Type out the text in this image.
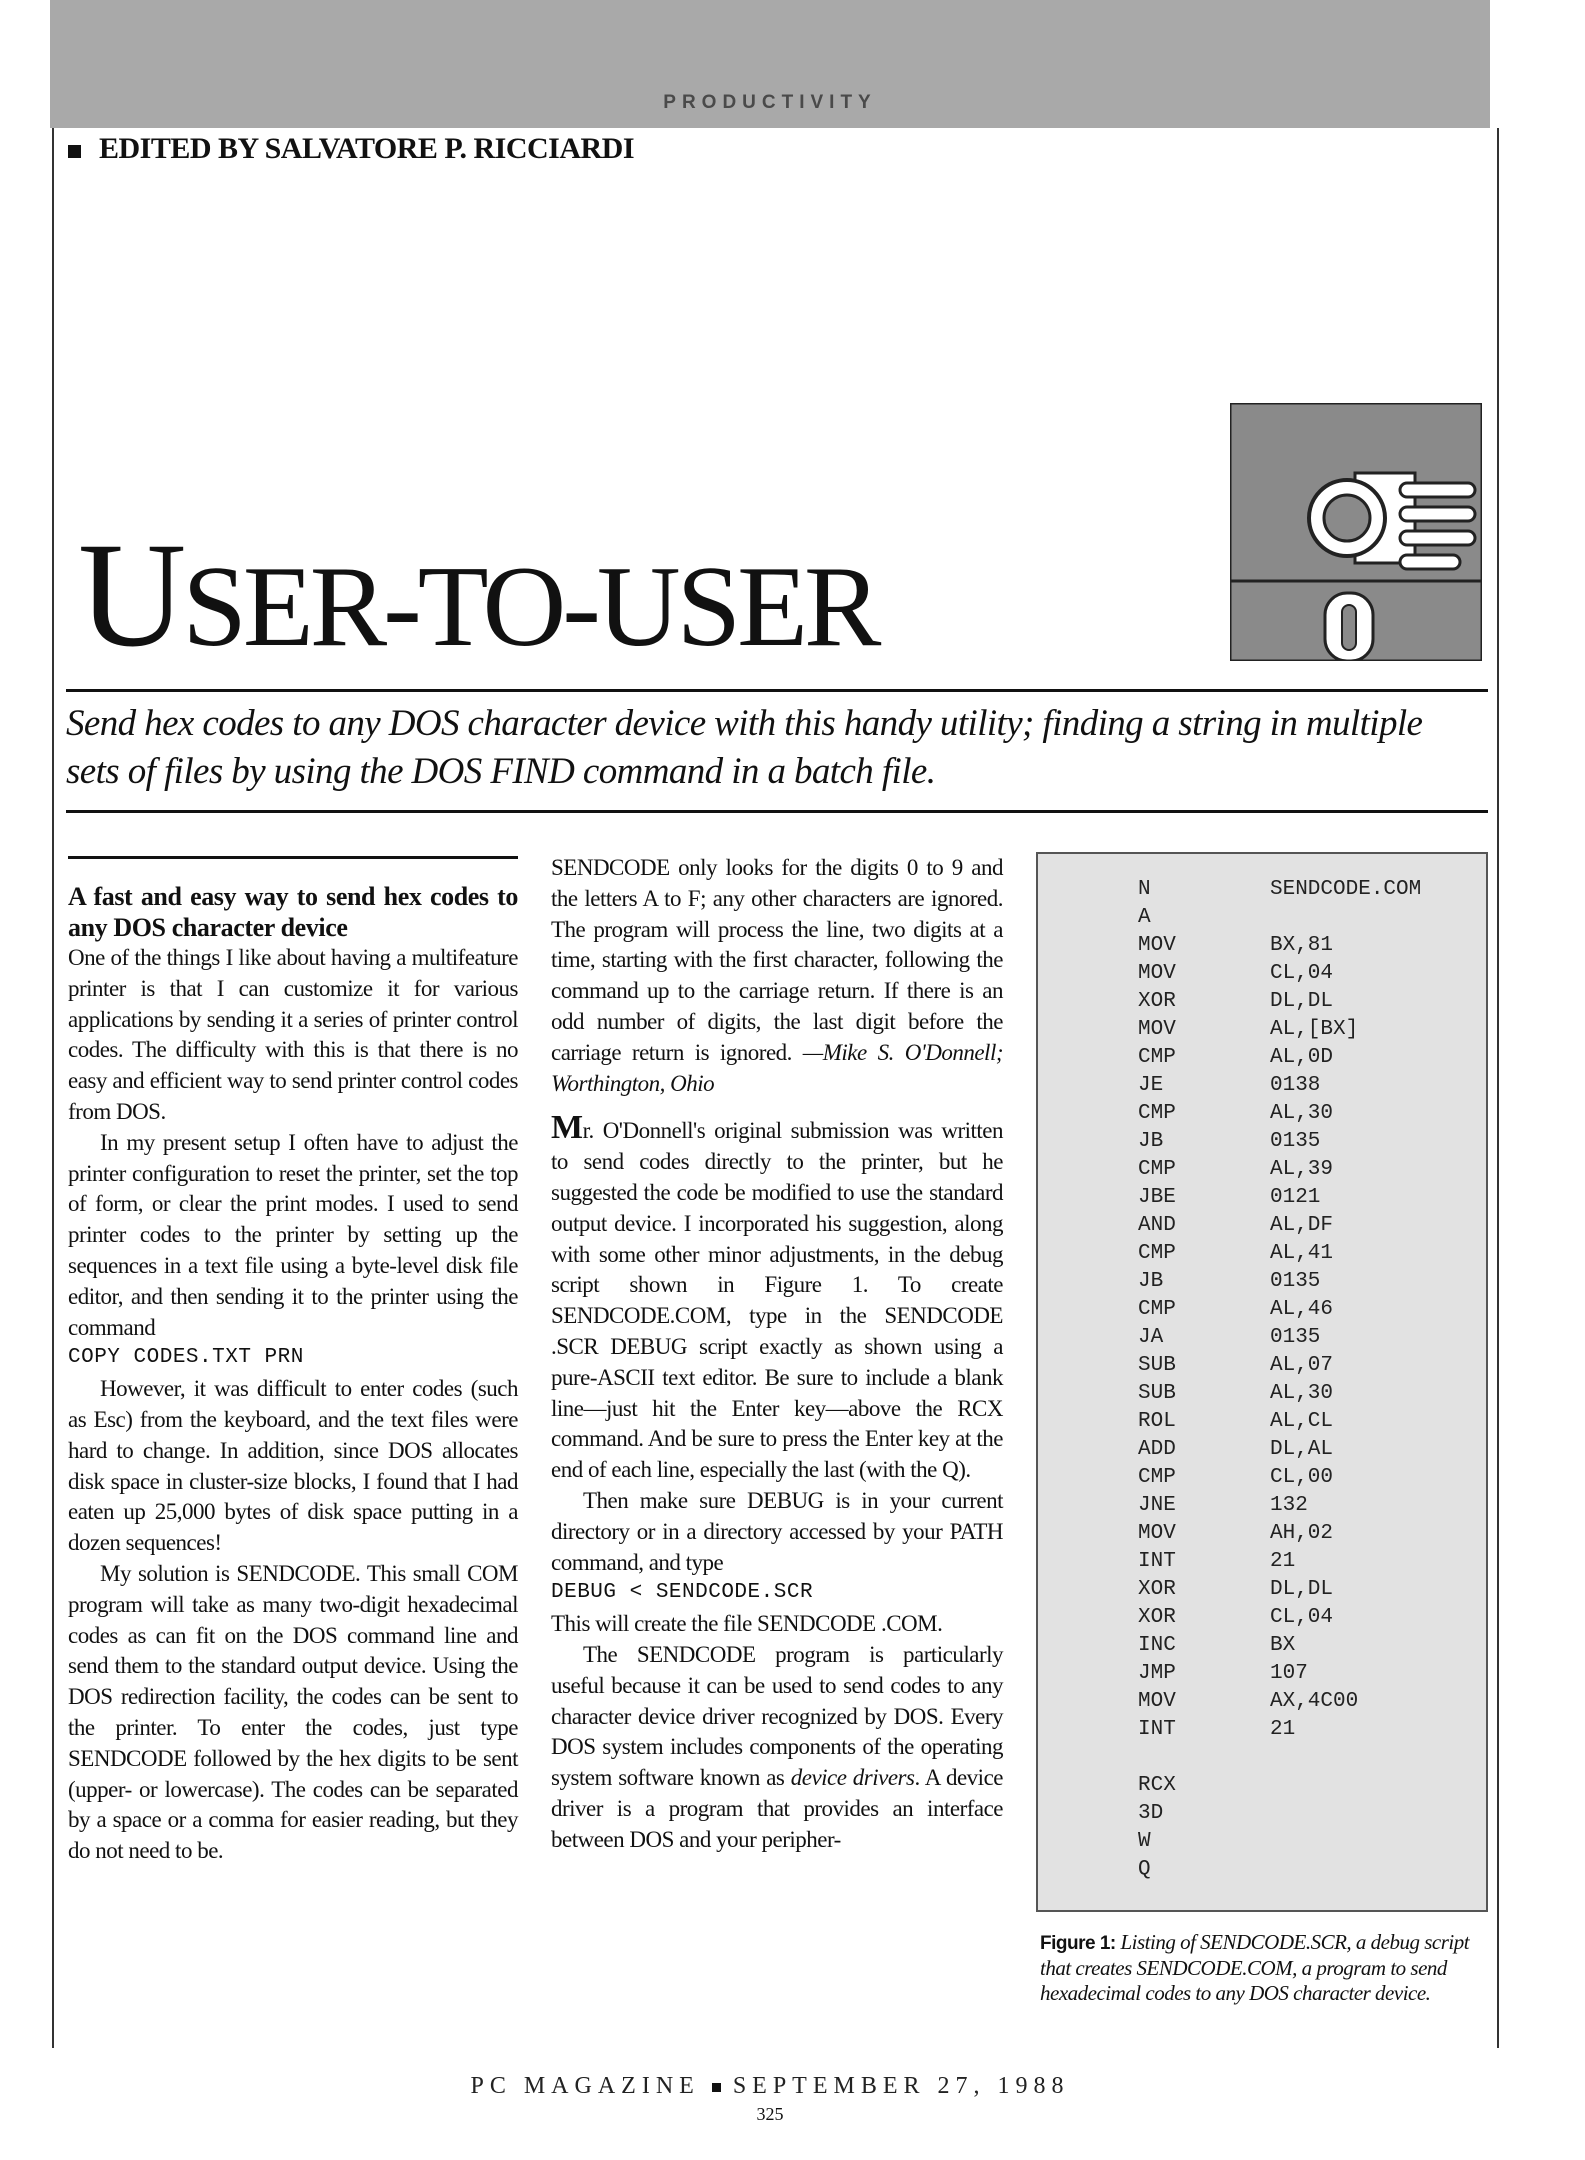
PRODUCTIVITY
EDITED BY SALVATORE P. RICCIARDI
USER-TO-USER

Send hex codes to any DOS character device with this handy utility; finding a string in multiple sets of files by using the DOS FIND command in a batch file.

A fast and easy way to send hex codes to any DOS character device

One of the things I like about having a multifeature printer is that I can customize it for various applications by sending it a series of printer control codes. The difficulty with this is that there is no easy and efficient way to send printer control codes from DOS.

In my present setup I often have to adjust the printer configuration to reset the printer, set the top of form, or clear the print modes. I used to send printer codes to the printer by setting up the sequences in a text file using a byte-level disk file editor, and then sending it to the printer using the command

COPY CODES.TXT PRN

However, it was difficult to enter codes (such as Esc) from the keyboard, and the text files were hard to change. In addition, since DOS allocates disk space in cluster-size blocks, I found that I had eaten up 25,000 bytes of disk space putting in a dozen sequences!

My solution is SENDCODE. This small COM program will take as many two-digit hexadecimal codes as can fit on the DOS command line and send them to the standard output device. Using the DOS redirection facility, the codes can be sent to the printer. To enter the codes, just type SENDCODE followed by the hex digits to be sent (upper- or lowercase). The codes can be separated by a space or a comma for easier reading, but they do not need to be.

SENDCODE only looks for the digits 0 to 9 and the letters A to F; any other characters are ignored. The program will process the line, two digits at a time, starting with the first character, following the command up to the carriage return. If there is an odd number of digits, the last digit before the carriage return is ignored. —Mike S. O'Donnell; Worthington, Ohio

Mr. O'Donnell's original submission was written to send codes directly to the printer, but he suggested the code be modified to use the standard output device. I incorporated his suggestion, along with some other minor adjustments, in the debug script shown in Figure 1. To create SENDCODE.COM, type in the SENDCODE .SCR DEBUG script exactly as shown using a pure-ASCII text editor. Be sure to include a blank line—just hit the Enter key—above the RCX command. And be sure to press the Enter key at the end of each line, especially the last (with the Q).

Then make sure DEBUG is in your current directory or in a directory accessed by your PATH command, and type

DEBUG < SENDCODE.SCR

This will create the file SENDCODE .COM.

The SENDCODE program is particularly useful because it can be used to send codes to any character device driver recognized by DOS. Every DOS system includes components of the operating system software known as device drivers. A device driver is a program that provides an interface between DOS and your peripher-

N	SENDCODE.COM
A
MOV	BX,81
MOV	CL,04
XOR	DL,DL
MOV	AL,[BX]
CMP	AL,0D
JE	0138
CMP	AL,30
JB	0135
CMP	AL,39
JBE	0121
AND	AL,DF
CMP	AL,41
JB	0135
CMP	AL,46
JA	0135
SUB	AL,07
SUB	AL,30
ROL	AL,CL
ADD	DL,AL
CMP	CL,00
JNE	132
MOV	AH,02
INT	21
XOR	DL,DL
XOR	CL,04
INC	BX
JMP	107
MOV	AX,4C00
INT	21
RCX
3D
W
Q
Figure 1: Listing of SENDCODE.SCR, a debug script that creates SENDCODE.COM, a program to send hexadecimal codes to any DOS character device.
PC MAGAZINE SEPTEMBER 27, 1988
325
